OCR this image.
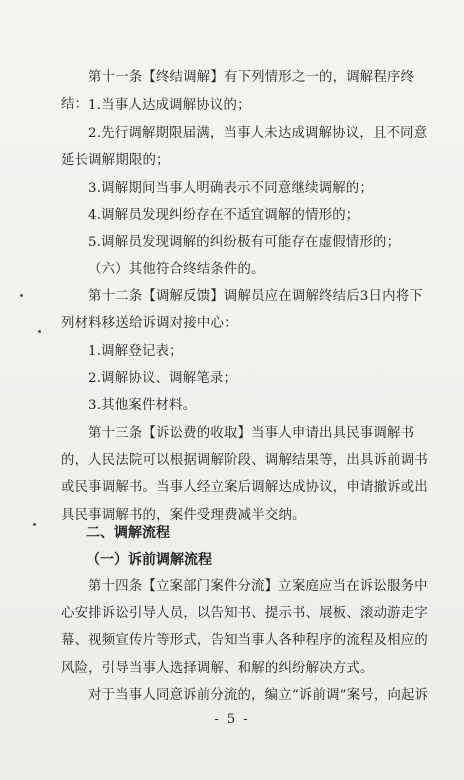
第十一条【终结调解】有下列情形之一的，调解程序终结： 1.当事人达成调解协议的；
2.先行调解期限届满，当事人未达成调解协议，且不同意延长调解期限的；
3.调解期间当事人明确表示不同意继续调解的；
4.调解员发现纠纷存在不适宜调解的情形的；
5.调解员发现调解的纠纷极有可能存在虚假情形的；
（六）其他符合终结条件的。
第十二条【调解反馈】调解员应在调解终结后3日内将下列材料移送给诉调对接中心：
1.调解登记表；
2.调解协议、调解笔录；
3.其他案件材料。
第十三条【诉讼费的收取】当事人申请出具民事调解书的，人民法院可以根据调解阶段、调解结果等，出具诉前调书或民事调解书。当事人经立案后调解达成协议，申请撤诉或出具民事调解书的，案件受理费减半交纳。
二、调解流程
（一）诉前调解流程
第十四条【立案部门案件分流】立案庭应当在诉讼服务中心安排诉讼引导人员，以告知书、提示书、展板、滚动游走字幕、视频宣传片等形式，告知当事人各种程序的流程及相应的风险，引导当事人选择调解、和解的纠纷解决方式。
对于当事人同意诉前分流的，编立“诉前调”案号，向起诉
- 5 -
